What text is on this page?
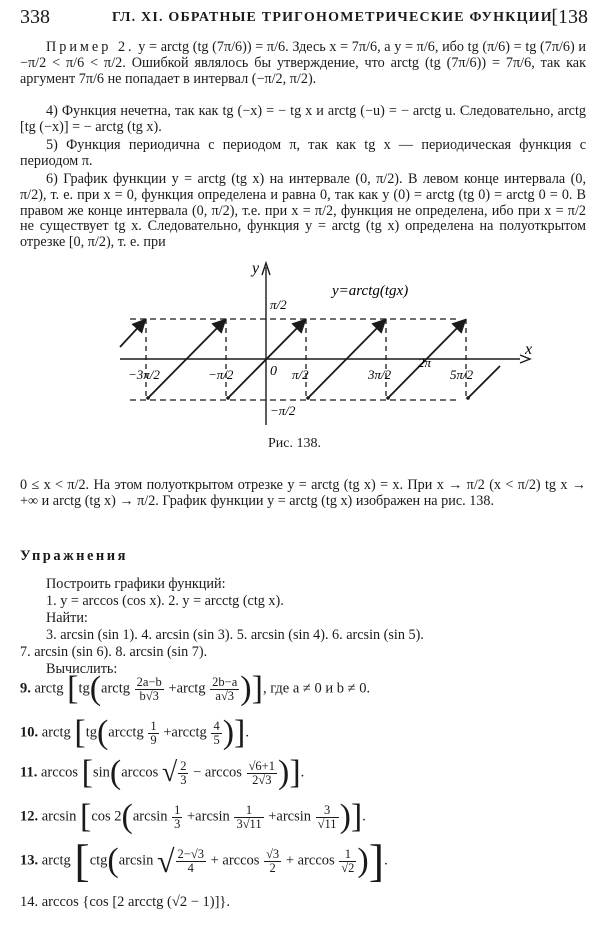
338	ГЛ. XI. ОБРАТНЫЕ ТРИГОНОМЕТРИЧЕСКИЕ ФУНКЦИИ
[138
Пример 2. y = arctg (tg (7π/6)) = π/6. Здесь x = 7π/6, а y = π/6, ибо tg (π/6) = tg (7π/6) и −π/2 < π/6 < π/2. Ошибкой являлось бы утверждение, что arctg (tg (7π/6)) = 7π/6, так как аргумент 7π/6 не попадает в интервал (−π/2, π/2).
4) Функция нечетна, так как tg (−x) = − tg x и arctg (−u) = − arctg u. Следовательно, arctg [tg (−x)] = − arctg (tg x).
5) Функция периодична с периодом π, так как tg x — периодическая функция с периодом π.
6) График функции y = arctg (tg x) на интервале (0, π/2). В левом конце интервала (0, π/2), т. е. при x = 0, функция определена и равна 0, так как y (0) = arctg (tg 0) = arctg 0 = 0. В правом же конце интервала (0, π/2), т.е. при x = π/2, функция не определена, ибо при x = π/2 не существует tg x. Следовательно, функция y = arctg (tg x) определена на полуоткрытом отрезке [0, π/2), т. е. при
y=arctg(tgx)
y
x
0
π/2
−π/2
−3π/2	−π/2	π/2	3π/2
2π
5π/2
Рис. 138.
0 ≤ x < π/2. На этом полуоткрытом отрезке y = arctg (tg x) = x. При x → π/2 (x < π/2) tg x → +∞ и arctg (tg x) → π/2. График функции y = arctg (tg x) изображен на рис. 138.
Упражнения
Построить графики функций:
1. y = arccos (cos x). 2. y = arcctg (ctg x).
Найти:
3. arcsin (sin 1). 4. arcsin (sin 3). 5. arcsin (sin 4). 6. arcsin (sin 5).
7. arcsin (sin 6). 8. arcsin (sin 7).
Вычислить:
9. arctg [tg(arctg $\frac{2a-b}{b√3}$ +arctg $\frac{2b-a}{a√3}$ )], где a ≠ 0 и b ≠ 0.
10. arctg [tg(arcctg $\frac{1}{9}$ +arcctg $\frac{4}{5}$ )].
11. arccos [sin(arccos √ $\frac{2}{3} - \arccos \frac{√6+1}{2√3}$ )].
12. arcsin [cos $2(\arcsin \frac{1}{3} +\arcsin \frac{1}{3√11} +\arcsin \frac{3}{√11}$ )].
13. arctg [ctg(arcsin √ $\frac{2-√3}{4} + \arccos \frac{√3}{2} + \arccos \frac{1}{√2}$ )].
14. arccos {cos [2 arcctg (√2 − 1)]}.
